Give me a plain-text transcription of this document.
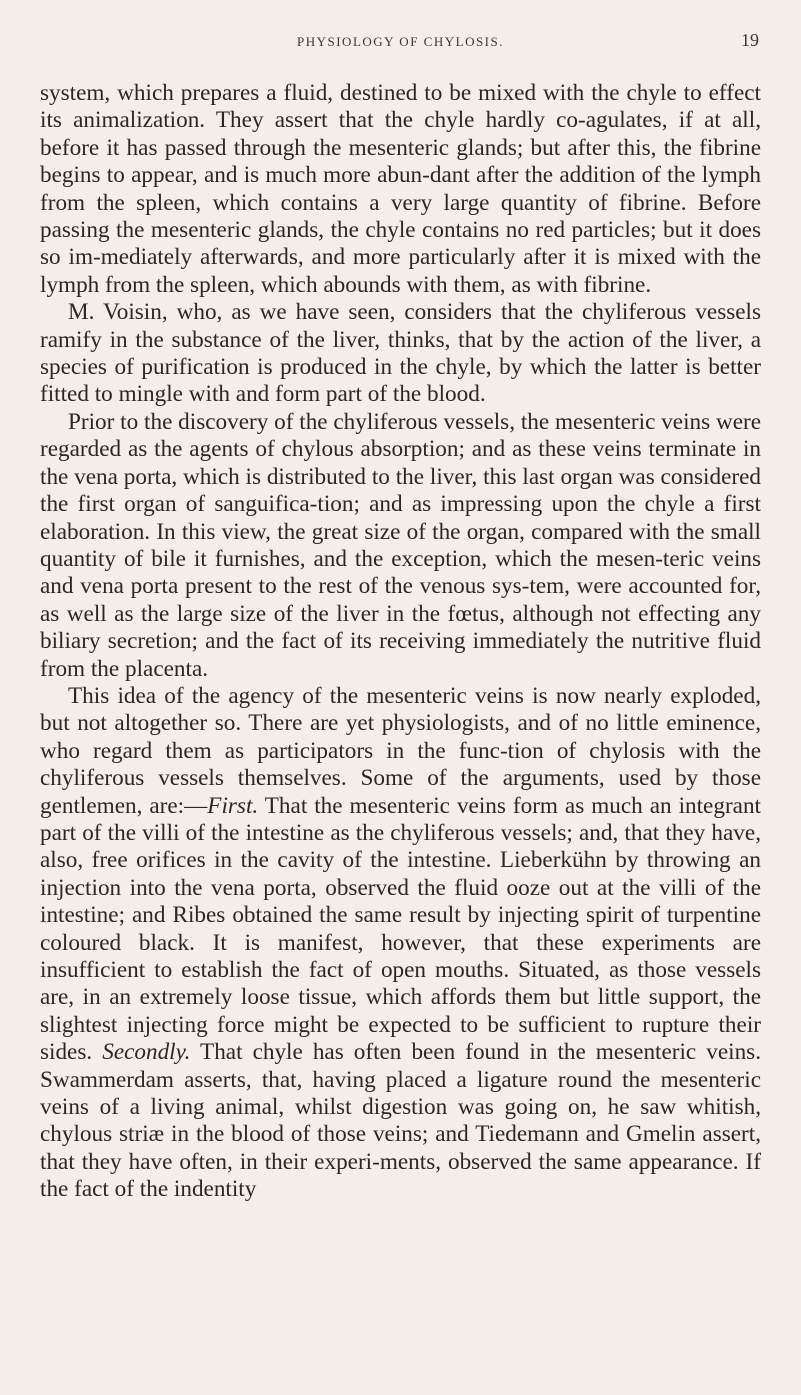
PHYSIOLOGY OF CHYLOSIS.	19

system, which prepares a fluid, destined to be mixed with the chyle to effect its animalization. They assert that the chyle hardly co-agulates, if at all, before it has passed through the mesenteric glands; but after this, the fibrine begins to appear, and is much more abun-dant after the addition of the lymph from the spleen, which contains a very large quantity of fibrine. Before passing the mesenteric glands, the chyle contains no red particles; but it does so im-mediately afterwards, and more particularly after it is mixed with the lymph from the spleen, which abounds with them, as with fibrine.

M. Voisin, who, as we have seen, considers that the chyliferous vessels ramify in the substance of the liver, thinks, that by the action of the liver, a species of purification is produced in the chyle, by which the latter is better fitted to mingle with and form part of the blood.

Prior to the discovery of the chyliferous vessels, the mesenteric veins were regarded as the agents of chylous absorption; and as these veins terminate in the vena porta, which is distributed to the liver, this last organ was considered the first organ of sanguifica-tion; and as impressing upon the chyle a first elaboration. In this view, the great size of the organ, compared with the small quantity of bile it furnishes, and the exception, which the mesen-teric veins and vena porta present to the rest of the venous sys-tem, were accounted for, as well as the large size of the liver in the fœtus, although not effecting any biliary secretion; and the fact of its receiving immediately the nutritive fluid from the placenta.

This idea of the agency of the mesenteric veins is now nearly exploded, but not altogether so. There are yet physiologists, and of no little eminence, who regard them as participators in the func-tion of chylosis with the chyliferous vessels themselves. Some of the arguments, used by those gentlemen, are:—First. That the mesenteric veins form as much an integrant part of the villi of the intestine as the chyliferous vessels; and, that they have, also, free orifices in the cavity of the intestine. Lieberkühn by throwing an injection into the vena porta, observed the fluid ooze out at the villi of the intestine; and Ribes obtained the same result by injecting spirit of turpentine coloured black. It is manifest, however, that these experiments are insufficient to establish the fact of open mouths. Situated, as those vessels are, in an extremely loose tissue, which affords them but little support, the slightest injecting force might be expected to be sufficient to rupture their sides. Secondly. That chyle has often been found in the mesenteric veins. Swammerdam asserts, that, having placed a ligature round the mesenteric veins of a living animal, whilst digestion was going on, he saw whitish, chylous striæ in the blood of those veins; and Tiedemann and Gmelin assert, that they have often, in their experi-ments, observed the same appearance. If the fact of the indentity
